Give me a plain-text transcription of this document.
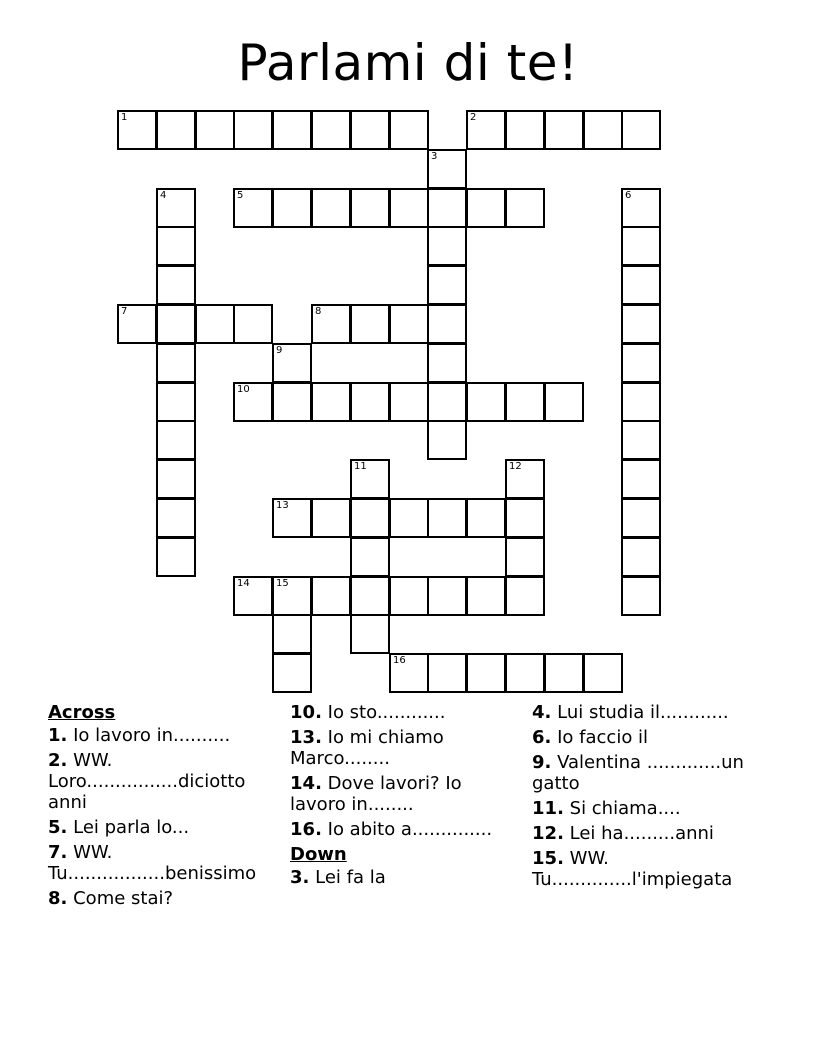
Parlami di te!
1	2
3
4	5	6
7	8
9
10
11	12
13
14	15
16
Across
1. Io lavoro in..........
2. WW. Loro................diciotto anni
5. Lei parla lo...
7. WW. Tu.................benissimo
8. Come stai?
10. Io sto............
13. Io mi chiamo Marco........
14. Dove lavori? Io lavoro in........
16. Io abito a..............
Down
3. Lei fa la
4. Lui studia il............
6. Io faccio il
9. Valentina .............un gatto
11. Si chiama....
12. Lei ha.........anni
15. WW. Tu..............l'impiegata
